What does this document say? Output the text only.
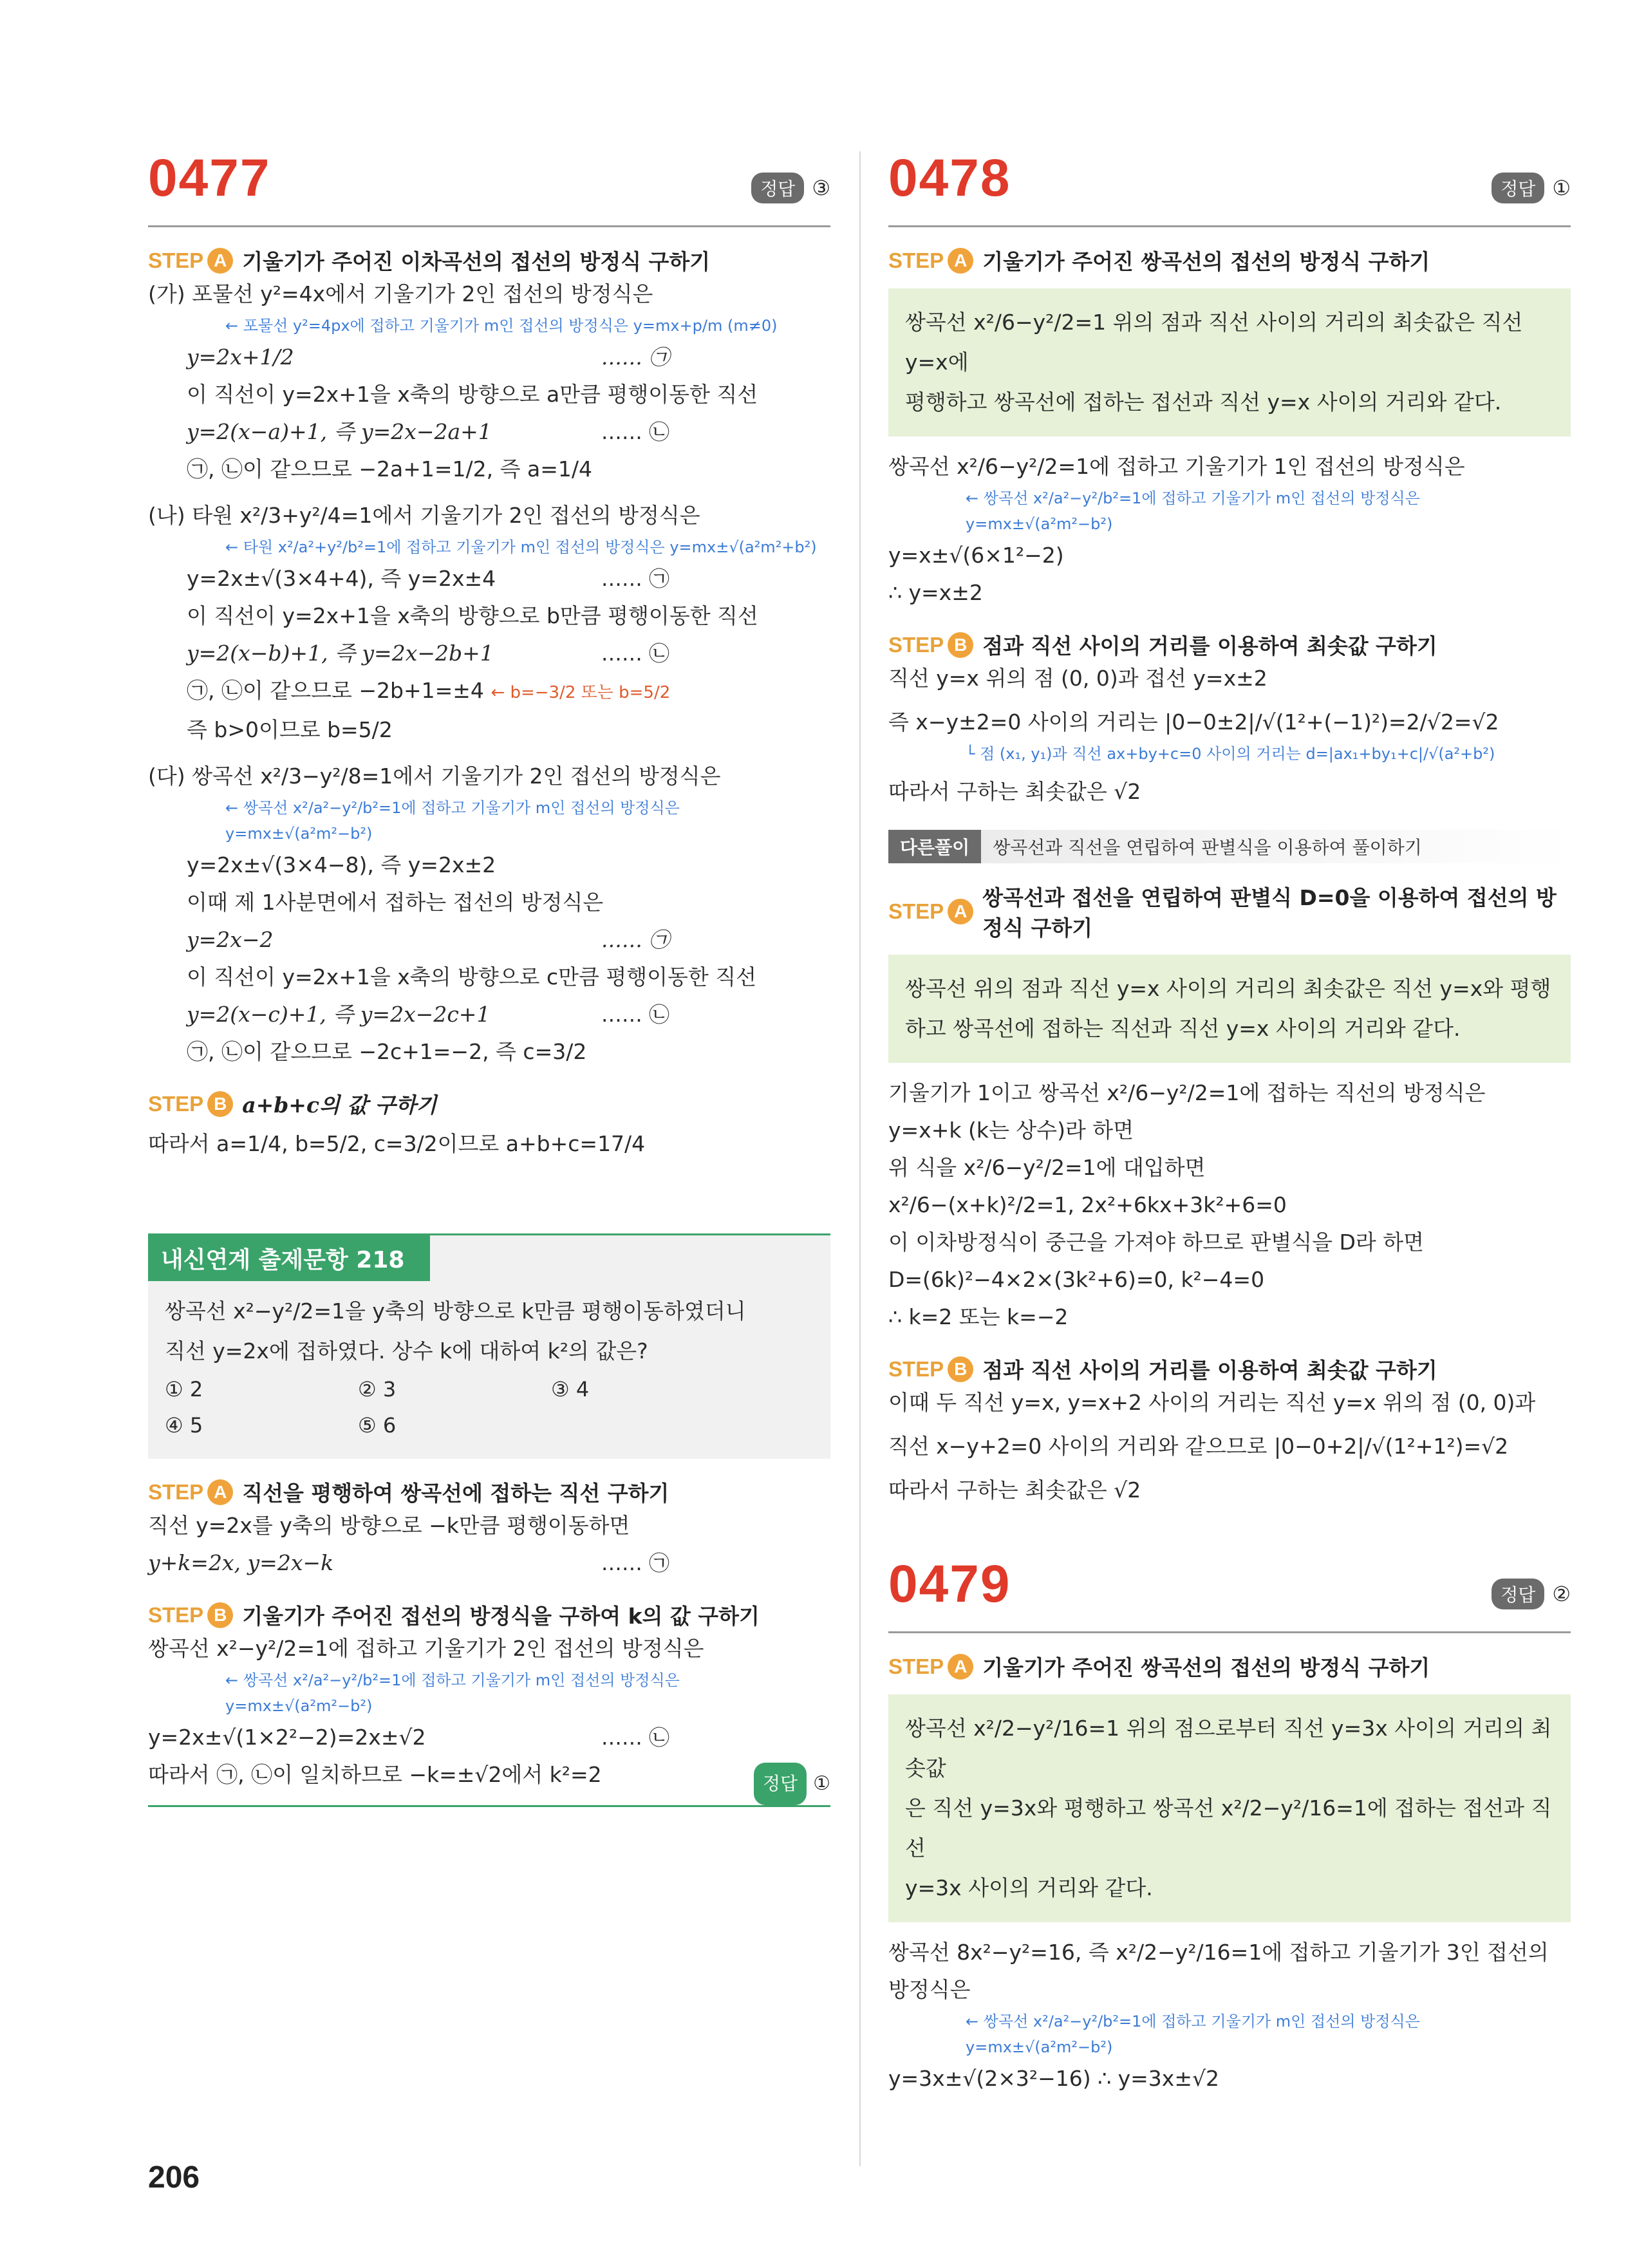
0477	정답 ③
STEP A 기울기가 주어진 이차곡선의 접선의 방정식 구하기
(가) 포물선 y²=4x에서 기울기가 2인 접선의 방정식은
← 포물선 y²=4px에 접하고 기울기가 m인 접선의 방정식은 y=mx+p/m (m≠0)
y=2x+1/2	…… ㉠
이 직선이 y=2x+1을 x축의 방향으로 a만큼 평행이동한 직선
y=2(x−a)+1, 즉 y=2x−2a+1	…… ㉡
㉠, ㉡이 같으므로 −2a+1=1/2, 즉 a=1/4
(나) 타원 x²/3+y²/4=1에서 기울기가 2인 접선의 방정식은
← 타원 x²/a²+y²/b²=1에 접하고 기울기가 m인 접선의 방정식은 y=mx±√(a²m²+b²)
y=2x±√(3×4+4), 즉 y=2x±4	…… ㉠
이 직선이 y=2x+1을 x축의 방향으로 b만큼 평행이동한 직선
y=2(x−b)+1, 즉 y=2x−2b+1	…… ㉡
㉠, ㉡이 같으므로 −2b+1=±4 ← b=−3/2 또는 b=5/2
즉 b>0이므로 b=5/2
(다) 쌍곡선 x²/3−y²/8=1에서 기울기가 2인 접선의 방정식은
← 쌍곡선 x²/a²−y²/b²=1에 접하고 기울기가 m인 접선의 방정식은 y=mx±√(a²m²−b²)
y=2x±√(3×4−8), 즉 y=2x±2
이때 제 1사분면에서 접하는 접선의 방정식은
y=2x−2	…… ㉠
이 직선이 y=2x+1을 x축의 방향으로 c만큼 평행이동한 직선
y=2(x−c)+1, 즉 y=2x−2c+1	…… ㉡
㉠, ㉡이 같으므로 −2c+1=−2, 즉 c=3/2
STEP B a+b+c의 값 구하기
따라서 a=1/4, b=5/2, c=3/2이므로 a+b+c=17/4
내신연계 출제문항 218
쌍곡선 x²−y²/2=1을 y축의 방향으로 k만큼 평행이동하였더니
직선 y=2x에 접하였다. 상수 k에 대하여 k²의 값은?
① 2	② 3	③ 4
④ 5	⑤ 6
STEP A 직선을 평행하여 쌍곡선에 접하는 직선 구하기
직선 y=2x를 y축의 방향으로 −k만큼 평행이동하면
y+k=2x, y=2x−k	…… ㉠
STEP B 기울기가 주어진 접선의 방정식을 구하여 k의 값 구하기
쌍곡선 x²−y²/2=1에 접하고 기울기가 2인 접선의 방정식은
← 쌍곡선 x²/a²−y²/b²=1에 접하고 기울기가 m인 접선의 방정식은 y=mx±√(a²m²−b²)
y=2x±√(1×2²−2)=2x±√2	…… ㉡
따라서 ㉠, ㉡이 일치하므로 −k=±√2에서 k²=2	정답 ①
0478	정답 ①
STEP A 기울기가 주어진 쌍곡선의 접선의 방정식 구하기
쌍곡선 x²/6−y²/2=1 위의 점과 직선 사이의 거리의 최솟값은 직선 y=x에
평행하고 쌍곡선에 접하는 접선과 직선 y=x 사이의 거리와 같다.
쌍곡선 x²/6−y²/2=1에 접하고 기울기가 1인 접선의 방정식은
← 쌍곡선 x²/a²−y²/b²=1에 접하고 기울기가 m인 접선의 방정식은 y=mx±√(a²m²−b²)
y=x±√(6×1²−2)
∴ y=x±2
STEP B 점과 직선 사이의 거리를 이용하여 최솟값 구하기
직선 y=x 위의 점 (0, 0)과 접선 y=x±2
즉 x−y±2=0 사이의 거리는 |0−0±2|/√(1²+(−1)²)=2/√2=√2
└ 점 (x₁, y₁)과 직선 ax+by+c=0 사이의 거리는 d=|ax₁+by₁+c|/√(a²+b²)
따라서 구하는 최솟값은 √2
다른풀이	쌍곡선과 직선을 연립하여 판별식을 이용하여 풀이하기
STEP A
쌍곡선과 접선을 연립하여 판별식 D=0을 이용하여 접선의 방정식 구하기
쌍곡선 위의 점과 직선 y=x 사이의 거리의 최솟값은 직선 y=x와 평행
하고 쌍곡선에 접하는 직선과 직선 y=x 사이의 거리와 같다.
기울기가 1이고 쌍곡선 x²/6−y²/2=1에 접하는 직선의 방정식은
y=x+k (k는 상수)라 하면
위 식을 x²/6−y²/2=1에 대입하면
x²/6−(x+k)²/2=1, 2x²+6kx+3k²+6=0
이 이차방정식이 중근을 가져야 하므로 판별식을 D라 하면
D=(6k)²−4×2×(3k²+6)=0, k²−4=0
∴ k=2 또는 k=−2
STEP B 점과 직선 사이의 거리를 이용하여 최솟값 구하기
이때 두 직선 y=x, y=x+2 사이의 거리는 직선 y=x 위의 점 (0, 0)과
직선 x−y+2=0 사이의 거리와 같으므로 |0−0+2|/√(1²+1²)=√2
따라서 구하는 최솟값은 √2
0479	정답 ②
STEP A 기울기가 주어진 쌍곡선의 접선의 방정식 구하기
쌍곡선 x²/2−y²/16=1 위의 점으로부터 직선 y=3x 사이의 거리의 최솟값
은 직선 y=3x와 평행하고 쌍곡선 x²/2−y²/16=1에 접하는 접선과 직선
y=3x 사이의 거리와 같다.
쌍곡선 8x²−y²=16, 즉 x²/2−y²/16=1에 접하고 기울기가 3인 접선의 방정식은
← 쌍곡선 x²/a²−y²/b²=1에 접하고 기울기가 m인 접선의 방정식은 y=mx±√(a²m²−b²)
y=3x±√(2×3²−16) ∴ y=3x±√2
206
